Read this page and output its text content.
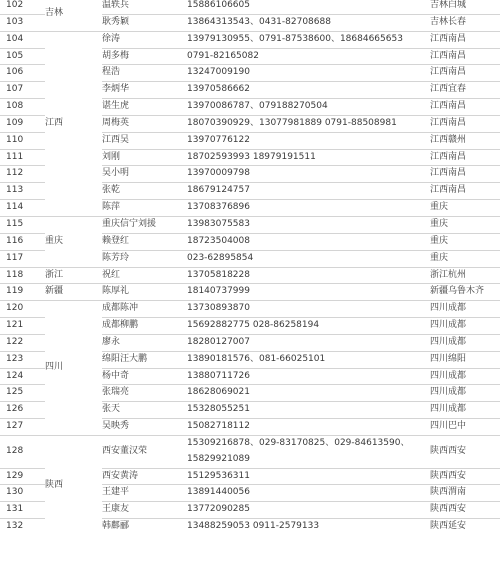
102	吉林	温轶兵	15886106605	吉林白城
103		耿秀颖	13864313543、0431-82708688	吉林长春
104	江西	徐涛	13979130955、0791-87538600、18684665653	江西南昌
105		胡多梅	0791-82165082	江西南昌
106		程浩	13247009190	江西南昌
107		李炳华	13970586662	江西宜春
108		谌生虎	13970086787、079188270504	江西南昌
109		周梅英	18070390929、13077981889 0791-88508981	江西南昌
110		江西吴	13970776122	江西赣州
111		刘刚	18702593993 18979191511	江西南昌
112		吴小明	13970009798	江西南昌
113		张乾	18679124757	江西南昌
114		陈萍	13708376896	重庆
115	重庆	重庆信宁刘援	13983075583	重庆
116		赖登红	18723504008	重庆
117		陈芳玲	023-62895854	重庆
118	浙江	祝红	13705818228	浙江杭州
119	新疆	陈厚礼	18140737999	新疆乌鲁木齐
120	四川	成都陈冲	13730893870	四川成都
121		成都柳鹏	15692882775 028-86258194	四川成都
122		廖永	18280127007	四川成都
123		绵阳汪大鹏	13890181576、081-66025101	四川绵阳
124		杨中奇	13880711726	四川成都
125		张瑞亮	18628069021	四川成都
126		张天	15328055251	四川成都
127		吴映秀	15082718112	四川巴中
128	陕西	西安董汉荣	15309216878、029-83170825、029-84613590、
15829921089	陕西西安
129		西安黄涛	15129536311	陕西西安
130		王建平	13891440056	陕西渭南
131		王康友	13772090285	陕西西安
132		韩鄜郦	13488259053 0911-2579133	陕西延安
